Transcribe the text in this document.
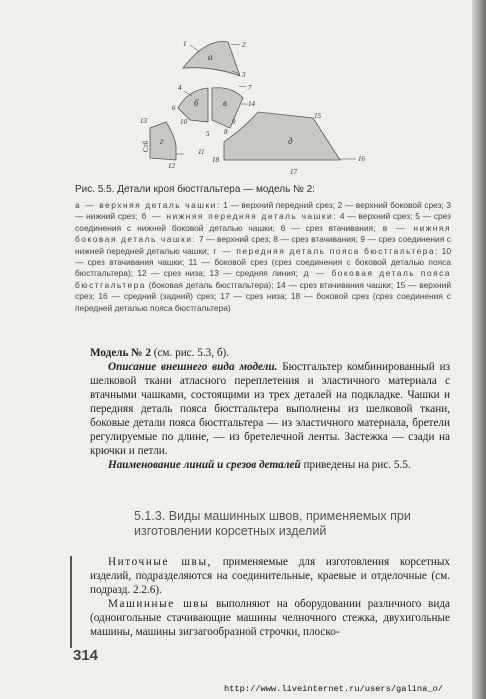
а
б	в
г	д
Стб
1	2
3
4
5
6
7
8
9
10
11
12
13
14
15
16
17
18
Рис. 5.5. Детали кроя бюстгальтера — модель № 2:
а — верхняя деталь чашки: 1 — верхний передний срез; 2 — верхний боковой срез; 3 — нижний срез; б — нижняя передняя деталь чашки: 4 — верхний срез; 5 — срез соединения с нижней боковой деталью чашки; 6 — срез втачивания; в — нижняя боковая деталь чашки: 7 — верхний срез; 8 — срез втачивания; 9 — срез соединения с нижней передней деталью чашки; г — передняя деталь пояса бюстгальтера: 10 — срез втачивания чашки; 11 — боковой срез (срез соединения с боковой деталью пояса бюстгальтера); 12 — срез низа; 13 — средняя линия; д — боковая деталь пояса бюстгальтера (боковая деталь бюстгальтера); 14 — срез втачивания чашки; 15 — верхний срез; 16 — средний (задний) срез; 17 — срез низа; 18 — боковой срез (срез соединения с передней деталью пояса бюстгальтера)

Модель № 2 (см. рис. 5.3, б).

Описание внешнего вида модели. Бюстгальтер комбинированный из шелковой ткани атласного переплетения и эластичного материала с втачными чашками, состоящими из трех деталей на подкладке. Чашки и передняя деталь пояса бюстгальтера выполнены из шелковой ткани, боковые детали пояса бюстгальтера — из эластичного материала, бретели регулируемые по длине, — из бретелечной ленты. Застежка — сзади на крючки и петли.

Наименование линий и срезов деталей приведены на рис. 5.5.

5.1.3. Виды машинных швов, применяемых при изготовлении корсетных изделий

Ниточные швы, применяемые для изготовления корсетных изделий, подразделяются на соединительные, краевые и отделочные (см. подразд. 2.2.6).

Машинные швы выполняют на оборудовании различного вида (одноигольные стачивающие машины челночного стежка, двухигольные машины, машины зигзагообразной строчки, плоско-

314
http://www.liveinternet.ru/users/galina_o/
